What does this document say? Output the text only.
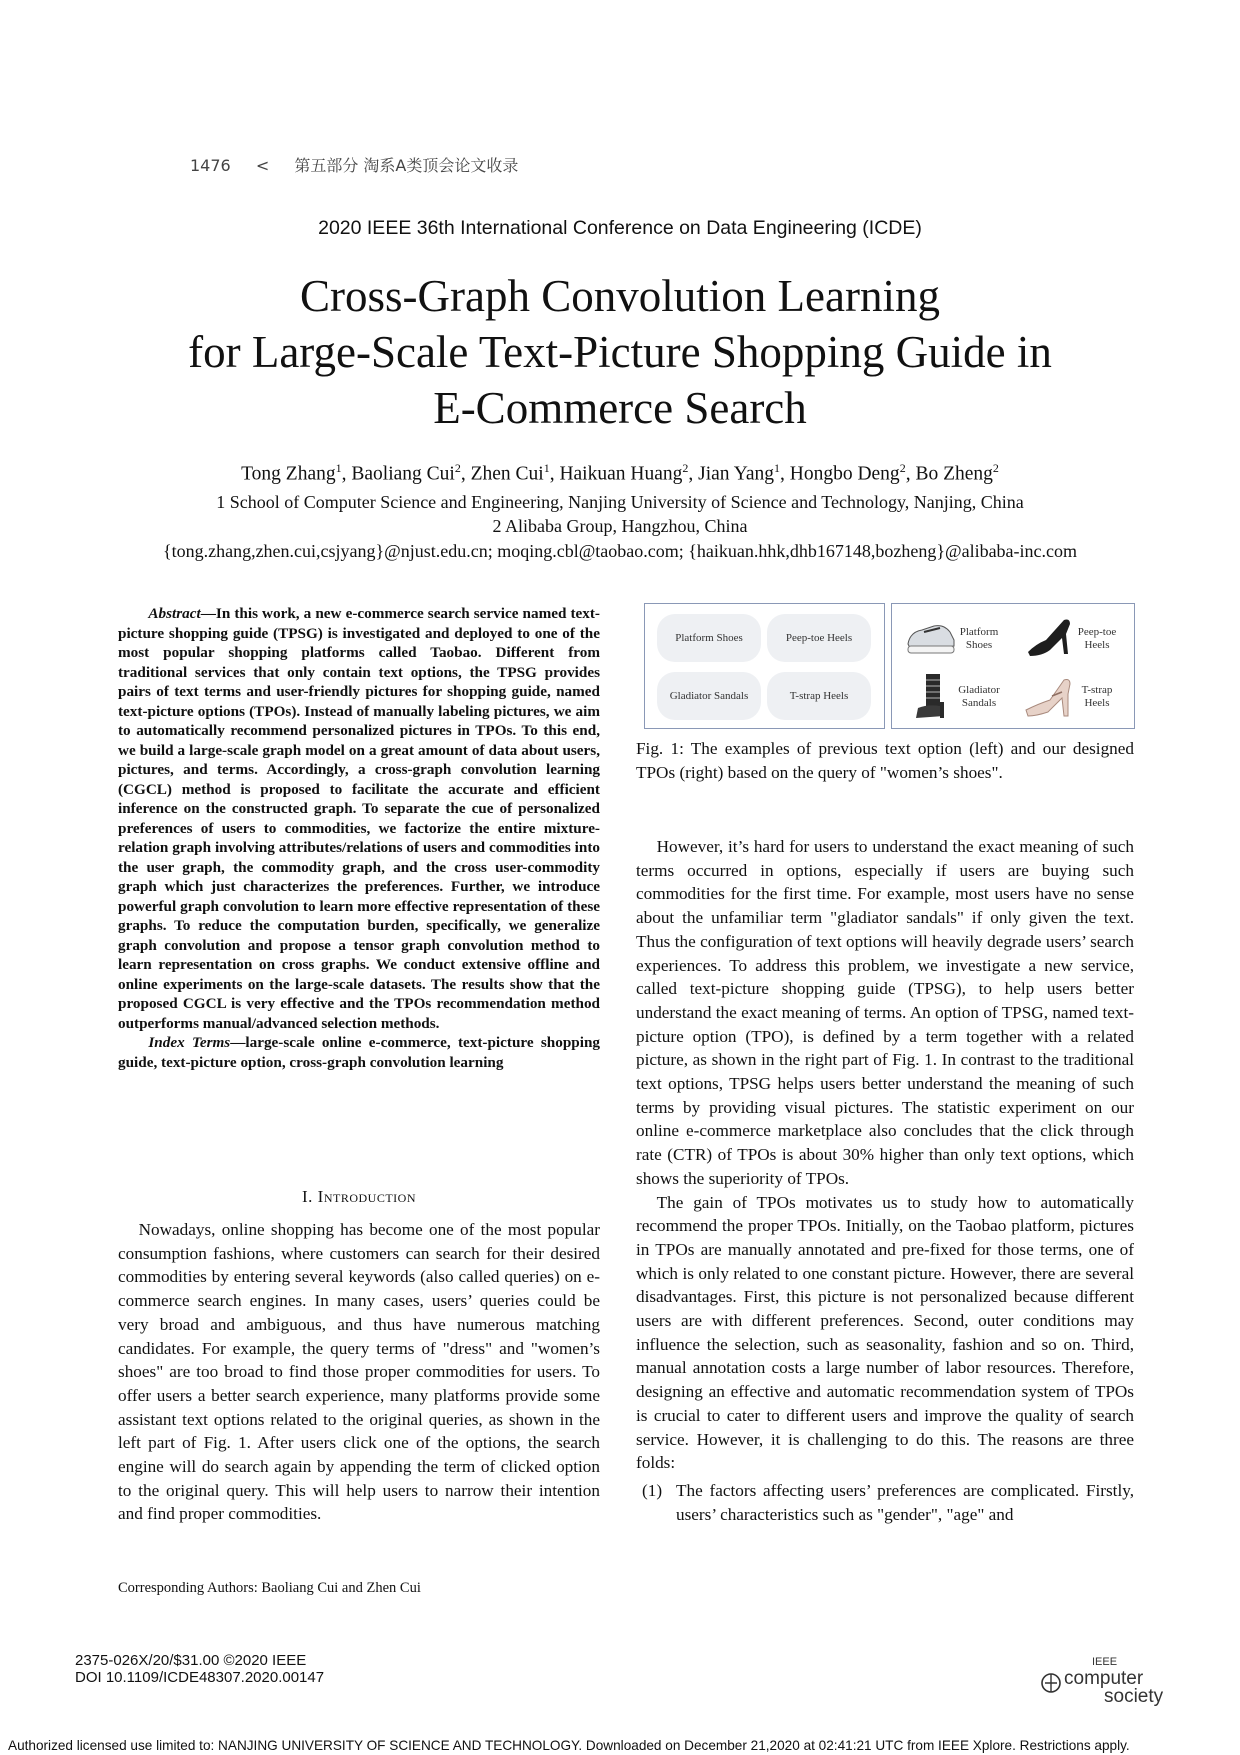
1476 < 第五部分 淘系A类顶会论文收录
2020 IEEE 36th International Conference on Data Engineering (ICDE)
Cross-Graph Convolution Learning
for Large-Scale Text-Picture Shopping Guide in
E-Commerce Search
Tong Zhang$^1$, Baoliang Cui$^2$, Zhen Cui$^1$, Haikuan Huang$^2$, Jian Yang$^1$, Hongbo Deng$^2$, Bo Zheng$^2$
1 School of Computer Science and Engineering, Nanjing University of Science and Technology, Nanjing, China
2 Alibaba Group, Hangzhou, China
{tong.zhang,zhen.cui,csjyang}@njust.edu.cn; moqing.cbl@taobao.com; {haikuan.hhk,dhb167148,bozheng}@alibaba-inc.com

Abstract—In this work, a new e-commerce search service named text-picture shopping guide (TPSG) is investigated and deployed to one of the most popular shopping platforms called Taobao. Different from traditional services that only contain text options, the TPSG provides pairs of text terms and user-friendly pictures for shopping guide, named text-picture options (TPOs). Instead of manually labeling pictures, we aim to automatically recommend personalized pictures in TPOs. To this end, we build a large-scale graph model on a great amount of data about users, pictures, and terms. Accordingly, a cross-graph convolution learning (CGCL) method is proposed to facilitate the accurate and efficient inference on the constructed graph. To separate the cue of personalized preferences of users to commodities, we factorize the entire mixture-relation graph involving attributes/relations of users and commodities into the user graph, the commodity graph, and the cross user-commodity graph which just characterizes the preferences. Further, we introduce powerful graph convolution to learn more effective representation of these graphs. To reduce the computation burden, specifically, we generalize graph convolution and propose a tensor graph convolution method to learn representation on cross graphs. We conduct extensive offline and online experiments on the large-scale datasets. The results show that the proposed CGCL is very effective and the TPOs recommendation method outperforms manual/advanced selection methods.

Index Terms—large-scale online e-commerce, text-picture shopping guide, text-picture option, cross-graph convolution learning

I. Introduction

Nowadays, online shopping has become one of the most popular consumption fashions, where customers can search for their desired commodities by entering several keywords (also called queries) on e-commerce search engines. In many cases, users’ queries could be very broad and ambiguous, and thus have numerous matching candidates. For example, the query terms of "dress" and "women’s shoes" are too broad to find those proper commodities for users. To offer users a better search experience, many platforms provide some assistant text options related to the original queries, as shown in the left part of Fig. 1. After users click one of the options, the search engine will do search again by appending the term of clicked option to the original query. This will help users to narrow their intention and find proper commodities.

Corresponding Authors: Baoliang Cui and Zhen Cui
Platform Shoes	Peep-toe Heels
Gladiator Sandals	T-strap Heels
Platform Shoes
Peep-toe Heels
Gladiator Sandals
T-strap Heels
Fig. 1: The examples of previous text option (left) and our designed TPOs (right) based on the query of "women’s shoes".

However, it’s hard for users to understand the exact meaning of such terms occurred in options, especially if users are buying such commodities for the first time. For example, most users have no sense about the unfamiliar term "gladiator sandals" if only given the text. Thus the configuration of text options will heavily degrade users’ search experiences. To address this problem, we investigate a new service, called text-picture shopping guide (TPSG), to help users better understand the exact meaning of terms. An option of TPSG, named text-picture option (TPO), is defined by a term together with a related picture, as shown in the right part of Fig. 1. In contrast to the traditional text options, TPSG helps users better understand the meaning of such terms by providing visual pictures. The statistic experiment on our online e-commerce marketplace also concludes that the click through rate (CTR) of TPOs is about 30% higher than only text options, which shows the superiority of TPOs.

The gain of TPOs motivates us to study how to automatically recommend the proper TPOs. Initially, on the Taobao platform, pictures in TPOs are manually annotated and pre-fixed for those terms, one of which is only related to one constant picture. However, there are several disadvantages. First, this picture is not personalized because different users are with different preferences. Second, outer conditions may influence the selection, such as seasonality, fashion and so on. Third, manual annotation costs a large number of labor resources. Therefore, designing an effective and automatic recommendation system of TPOs is crucial to cater to different users and improve the quality of search service. However, it is challenging to do this. The reasons are three folds:

(1) The factors affecting users’ preferences are complicated. Firstly, users’ characteristics such as "gender", "age" and
2375-026X/20/$31.00 ©2020 IEEE
DOI 10.1109/ICDE48307.2020.00147
IEEE
computer
society
Authorized licensed use limited to: NANJING UNIVERSITY OF SCIENCE AND TECHNOLOGY. Downloaded on December 21,2020 at 02:41:21 UTC from IEEE Xplore. Restrictions apply.
